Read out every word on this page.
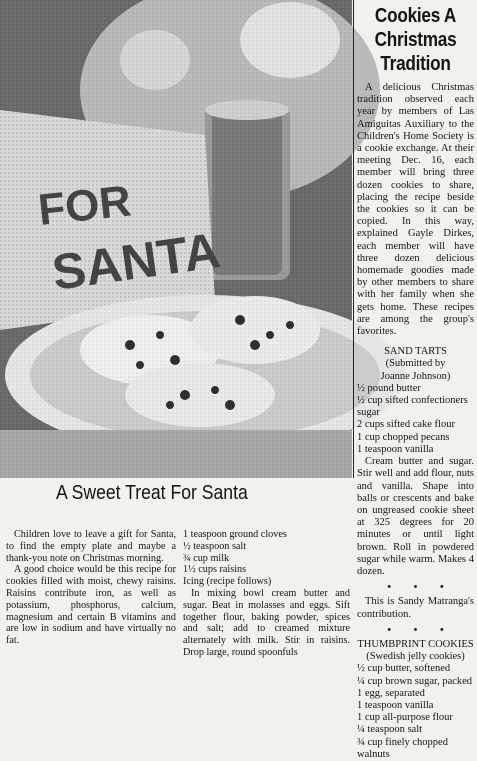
Cookies A Christmas Tradition

A delicious Christmas tradition observed each year by members of Las Amiguitas Auxiliary to the Children's Home Society is a cookie exchange. At their meeting Dec. 16, each member will bring three dozen cookies to share, placing the recipe beside the cookies so it can be copied. In this way, explained Gayle Dirkes, each member will have three dozen delicious homemade goodies made by other members to share with her family when she gets home. These recipes are among the group's favorites.

SAND TARTS
(Submitted by
Joanne Johnson)

½ pound butter

½ cup sifted confectioners sugar

2 cups sifted cake flour

1 cup chopped pecans

1 teaspoon vanilla

Cream butter and sugar. Stir well and add flour, nuts and vanilla. Shape into balls or crescents and bake on ungreased cookie sheet at 325 degrees for 20 minutes or until light brown. Roll in powdered sugar while warm. Makes 4 dozen.

• • •

This is Sandy Matranga's contribution.

• • •
THUMBPRINT COOKIES
(Swedish jelly cookies)

½ cup butter, softened

¼ cup brown sugar, packed

1 egg, separated

1 teaspoon vanilla

1 cup all-purpose flour

¼ teaspoon salt

¾ cup finely chopped walnuts

A Sweet Treat For Santa

Children love to leave a gift for Santa, to find the empty plate and maybe a thank-you note on Christmas morning.

A good choice would be this recipe for cookies filled with moist, chewy raisins. Raisins contribute iron, as well as potassium, phosphorus, calcium, magnesium and certain B vitamins and are low in sodium and have virtually no fat.

1 teaspoon ground cloves

½ teaspoon salt

¾ cup milk

1½ cups raisins

Icing (recipe follows)

In mixing bowl cream butter and sugar. Beat in molasses and eggs. Sift together flour, baking powder, spices and salt; add to creamed mixture alternately with milk. Stir in raisins. Drop large, round spoonfuls
